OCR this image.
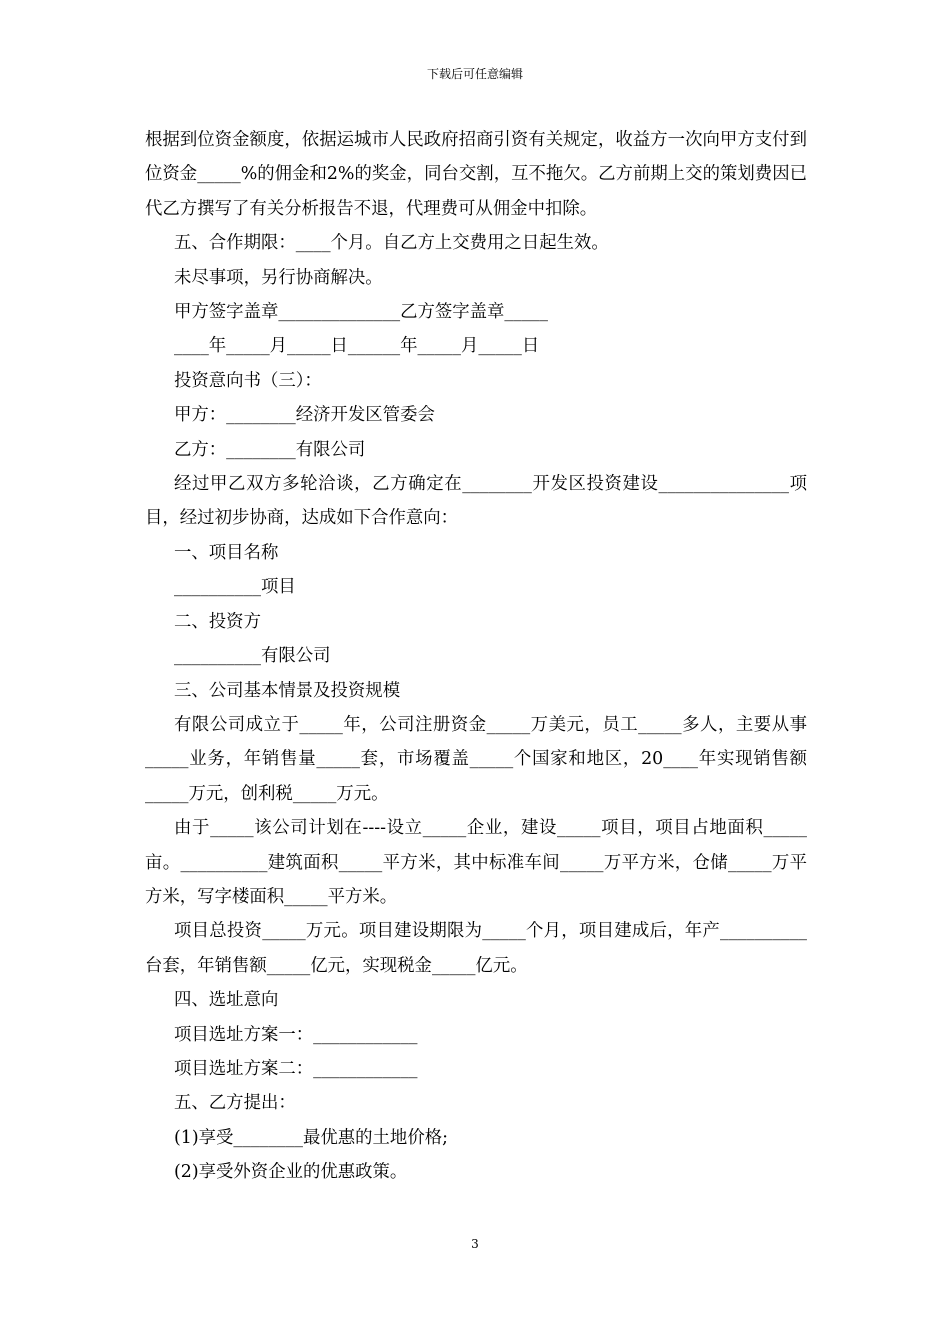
下载后可任意编辑

根据到位资金额度，依据运城市人民政府招商引资有关规定，收益方一次向甲方支付到位资金_____%的佣金和2%的奖金，同台交割，互不拖欠。乙方前期上交的策划费因已代乙方撰写了有关分析报告不退，代理费可从佣金中扣除。

五、合作期限：____个月。自乙方上交费用之日起生效。

未尽事项，另行协商解决。

甲方签字盖章______________乙方签字盖章_____

____年_____月_____日______年_____月_____日

投资意向书（三）：

甲方：________经济开发区管委会

乙方：________有限公司

经过甲乙双方多轮洽谈，乙方确定在________开发区投资建设_______________项目，经过初步协商，达成如下合作意向：

一、项目名称

__________项目

二、投资方

__________有限公司

三、公司基本情景及投资规模

有限公司成立于_____年，公司注册资金_____万美元，员工_____多人，主要从事_____业务，年销售量_____套，市场覆盖_____个国家和地区，20____年实现销售额_____万元，创利税_____万元。

由于_____该公司计划在----设立_____企业，建设_____项目，项目占地面积_____亩。__________建筑面积_____平方米，其中标准车间_____万平方米，仓储_____万平方米，写字楼面积_____平方米。

项目总投资_____万元。项目建设期限为_____个月，项目建成后，年产__________台套，年销售额_____亿元，实现税金_____亿元。

四、选址意向

项目选址方案一：____________

项目选址方案二：____________

五、乙方提出：

(1)享受________最优惠的土地价格;

(2)享受外资企业的优惠政策。

3
